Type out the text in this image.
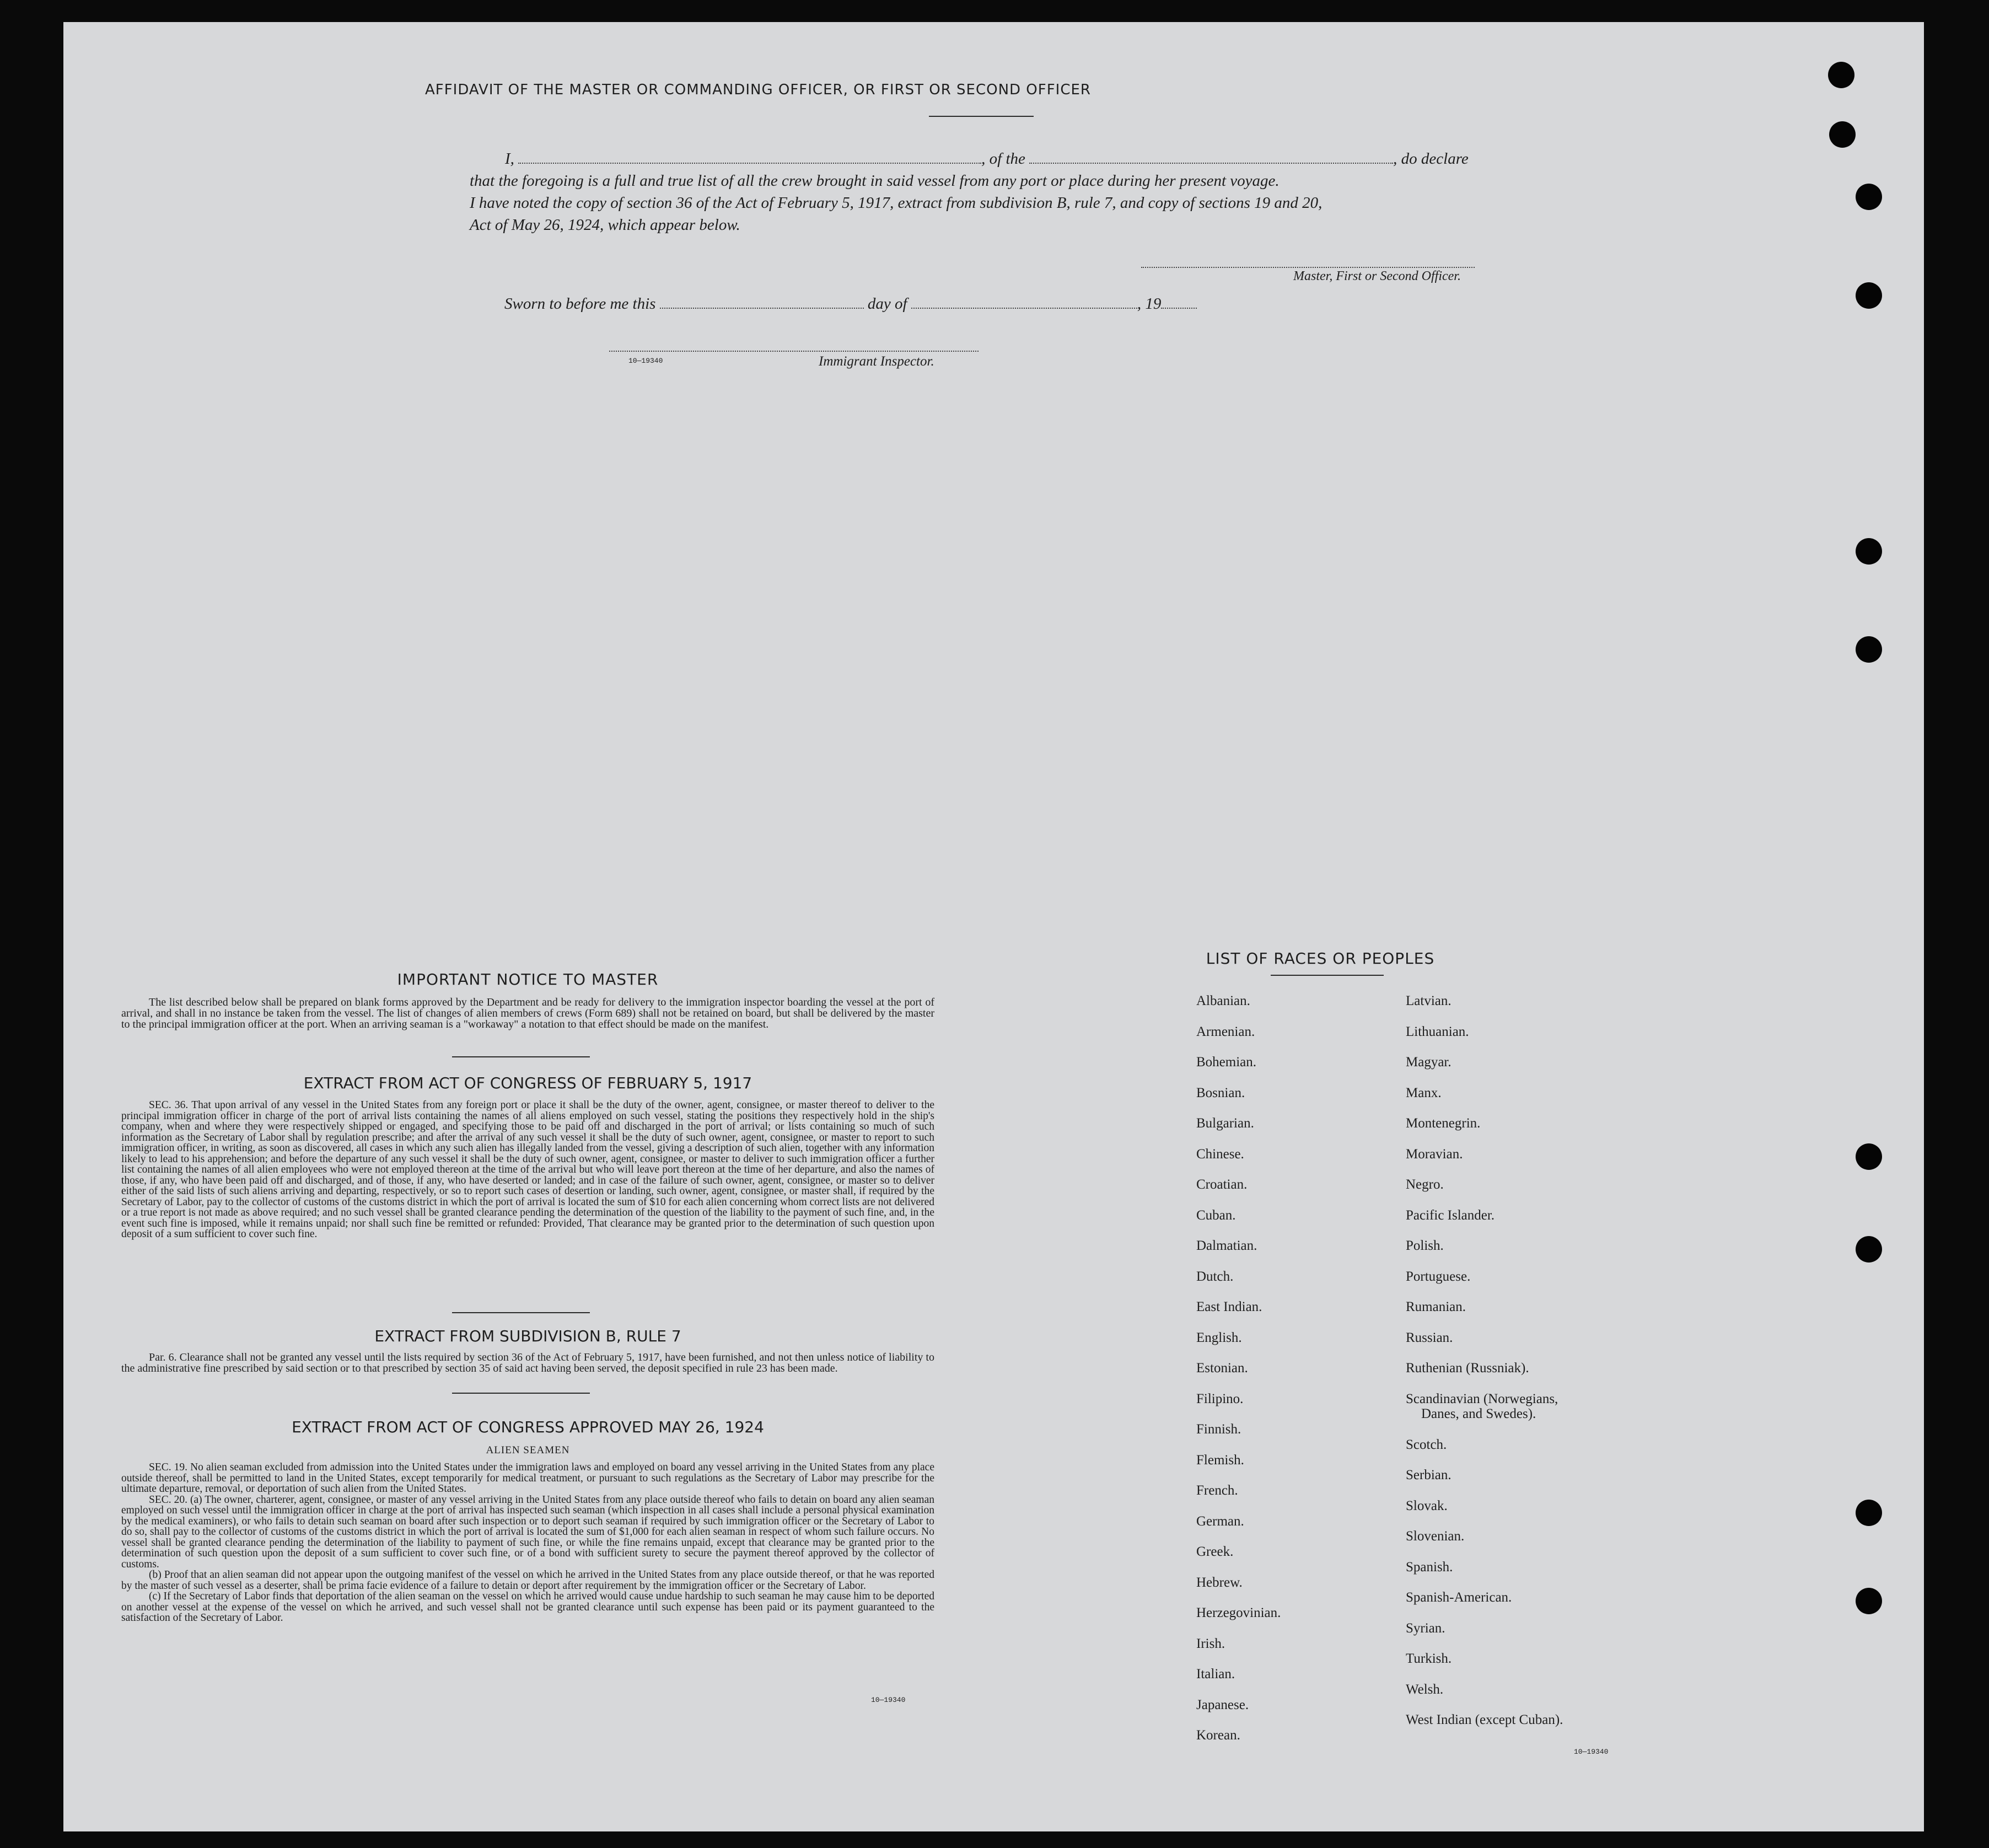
AFFIDAVIT OF THE MASTER OR COMMANDING OFFICER, OR FIRST OR SECOND OFFICER
I,	, of the	, do declare
that the foregoing is a full and true list of all the crew brought in said vessel from any port or place during her present voyage.
I have noted the copy of section 36 of the Act of February 5, 1917, extract from subdivision B, rule 7, and copy of sections 19 and 20,
Act of May 26, 1924, which appear below.
Master, First or Second Officer.
Sworn to before me this	day of	, 19
10—19340	Immigrant Inspector.
IMPORTANT NOTICE TO MASTER
The list described below shall be prepared on blank forms approved by the Department and be ready for delivery to the immigration inspector boarding the vessel at the port of arrival, and shall in no instance be taken from the vessel. The list of changes of alien members of crews (Form 689) shall not be retained on board, but shall be delivered by the master to the principal immigration officer at the port. When an arriving seaman is a "workaway" a notation to that effect should be made on the manifest.
EXTRACT FROM ACT OF CONGRESS OF FEBRUARY 5, 1917
SEC. 36. That upon arrival of any vessel in the United States from any foreign port or place it shall be the duty of the owner, agent, consignee, or master thereof to deliver to the principal immigration officer in charge of the port of arrival lists containing the names of all aliens employed on such vessel, stating the positions they respectively hold in the ship's company, when and where they were respectively shipped or engaged, and specifying those to be paid off and discharged in the port of arrival; or lists containing so much of such information as the Secretary of Labor shall by regulation prescribe; and after the arrival of any such vessel it shall be the duty of such owner, agent, consignee, or master to report to such immigration officer, in writing, as soon as discovered, all cases in which any such alien has illegally landed from the vessel, giving a description of such alien, together with any information likely to lead to his apprehension; and before the departure of any such vessel it shall be the duty of such owner, agent, consignee, or master to deliver to such immigration officer a further list containing the names of all alien employees who were not employed thereon at the time of the arrival but who will leave port thereon at the time of her departure, and also the names of those, if any, who have been paid off and discharged, and of those, if any, who have deserted or landed; and in case of the failure of such owner, agent, consignee, or master so to deliver either of the said lists of such aliens arriving and departing, respectively, or so to report such cases of desertion or landing, such owner, agent, consignee, or master shall, if required by the Secretary of Labor, pay to the collector of customs of the customs district in which the port of arrival is located the sum of $10 for each alien concerning whom correct lists are not delivered or a true report is not made as above required; and no such vessel shall be granted clearance pending the determination of the question of the liability to the payment of such fine, and, in the event such fine is imposed, while it remains unpaid; nor shall such fine be remitted or refunded: Provided, That clearance may be granted prior to the determination of such question upon deposit of a sum sufficient to cover such fine.
EXTRACT FROM SUBDIVISION B, RULE 7
Par. 6. Clearance shall not be granted any vessel until the lists required by section 36 of the Act of February 5, 1917, have been furnished, and not then unless notice of liability to the administrative fine prescribed by said section or to that prescribed by section 35 of said act having been served, the deposit specified in rule 23 has been made.
EXTRACT FROM ACT OF CONGRESS APPROVED MAY 26, 1924
ALIEN SEAMEN
SEC. 19. No alien seaman excluded from admission into the United States under the immigration laws and employed on board any vessel arriving in the United States from any place outside thereof, shall be permitted to land in the United States, except temporarily for medical treatment, or pursuant to such regulations as the Secretary of Labor may prescribe for the ultimate departure, removal, or deportation of such alien from the United States.
SEC. 20. (a) The owner, charterer, agent, consignee, or master of any vessel arriving in the United States from any place outside thereof who fails to detain on board any alien seaman employed on such vessel until the immigration officer in charge at the port of arrival has inspected such seaman (which inspection in all cases shall include a personal physical examination by the medical examiners), or who fails to detain such seaman on board after such inspection or to deport such seaman if required by such immigration officer or the Secretary of Labor to do so, shall pay to the collector of customs of the customs district in which the port of arrival is located the sum of $1,000 for each alien seaman in respect of whom such failure occurs. No vessel shall be granted clearance pending the determination of the liability to payment of such fine, or while the fine remains unpaid, except that clearance may be granted prior to the determination of such question upon the deposit of a sum sufficient to cover such fine, or of a bond with sufficient surety to secure the payment thereof approved by the collector of customs.
(b) Proof that an alien seaman did not appear upon the outgoing manifest of the vessel on which he arrived in the United States from any place outside thereof, or that he was reported by the master of such vessel as a deserter, shall be prima facie evidence of a failure to detain or deport after requirement by the immigration officer or the Secretary of Labor.
(c) If the Secretary of Labor finds that deportation of the alien seaman on the vessel on which he arrived would cause undue hardship to such seaman he may cause him to be deported on another vessel at the expense of the vessel on which he arrived, and such vessel shall not be granted clearance until such expense has been paid or its payment guaranteed to the satisfaction of the Secretary of Labor.
10—19340
LIST OF RACES OR PEOPLES
Albanian.
Armenian.
Bohemian.
Bosnian.
Bulgarian.
Chinese.
Croatian.
Cuban.
Dalmatian.
Dutch.
East Indian.
English.
Estonian.
Filipino.
Finnish.
Flemish.
French.
German.
Greek.
Hebrew.
Herzegovinian.
Irish.
Italian.
Japanese.
Korean.
Latvian.
Lithuanian.
Magyar.
Manx.
Montenegrin.
Moravian.
Negro.
Pacific Islander.
Polish.
Portuguese.
Rumanian.
Russian.
Ruthenian (Russniak).
Scandinavian (Norwegians,
Danes, and Swedes).
Scotch.
Serbian.
Slovak.
Slovenian.
Spanish.
Spanish-American.
Syrian.
Turkish.
Welsh.
West Indian (except Cuban).
10—19340
